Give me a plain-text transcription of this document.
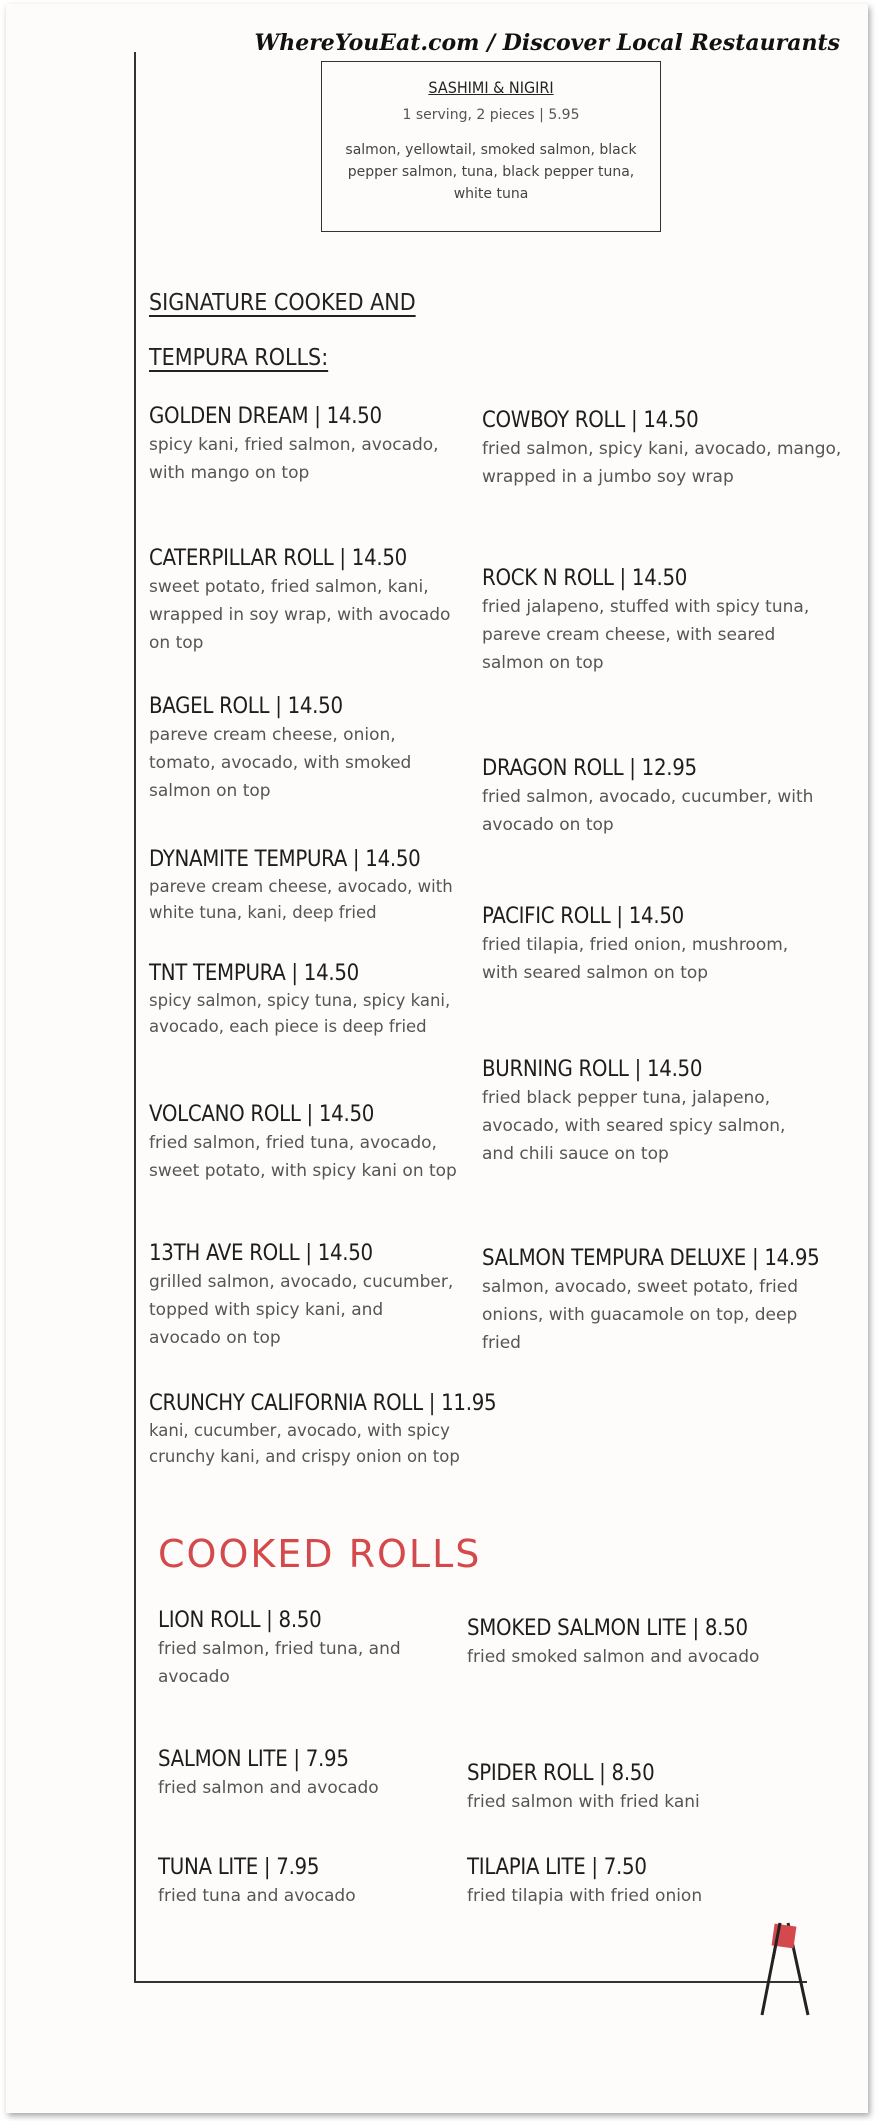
WhereYouEat.com / Discover Local Restaurants
SASHIMI & NIGIRI
1 serving, 2 pieces | 5.95
salmon, yellowtail, smoked salmon, black pepper salmon, tuna, black pepper tuna, white tuna
SIGNATURE COOKED AND
TEMPURA ROLLS:
GOLDEN DREAM | 14.50
spicy kani, fried salmon, avocado, with mango on top
CATERPILLAR ROLL | 14.50
sweet potato, fried salmon, kani, wrapped in soy wrap, with avocado on top
BAGEL ROLL | 14.50
pareve cream cheese, onion, tomato, avocado, with smoked salmon on top
DYNAMITE TEMPURA | 14.50
pareve cream cheese, avocado, with white tuna, kani, deep fried
TNT TEMPURA | 14.50
spicy salmon, spicy tuna, spicy kani, avocado, each piece is deep fried
VOLCANO ROLL | 14.50
fried salmon, fried tuna, avocado, sweet potato, with spicy kani on top
13TH AVE ROLL | 14.50
grilled salmon, avocado, cucumber, topped with spicy kani, and avocado on top
CRUNCHY CALIFORNIA ROLL | 11.95
kani, cucumber, avocado, with spicy crunchy kani, and crispy onion on top
COWBOY ROLL | 14.50
fried salmon, spicy kani, avocado, mango, wrapped in a jumbo soy wrap
ROCK N ROLL | 14.50
fried jalapeno, stuffed with spicy tuna, pareve cream cheese, with seared salmon on top
DRAGON ROLL | 12.95
fried salmon, avocado, cucumber, with avocado on top
PACIFIC ROLL | 14.50
fried tilapia, fried onion, mushroom, with seared salmon on top
BURNING ROLL | 14.50
fried black pepper tuna, jalapeno, avocado, with seared spicy salmon, and chili sauce on top
SALMON TEMPURA DELUXE | 14.95
salmon, avocado, sweet potato, fried onions, with guacamole on top, deep fried
COOKED ROLLS
LION ROLL | 8.50
fried salmon, fried tuna, and avocado
SMOKED SALMON LITE | 8.50
fried smoked salmon and avocado
SALMON LITE | 7.95
fried salmon and avocado
SPIDER ROLL | 8.50
fried salmon with fried kani
TUNA LITE | 7.95
fried tuna and avocado
TILAPIA LITE | 7.50
fried tilapia with fried onion
